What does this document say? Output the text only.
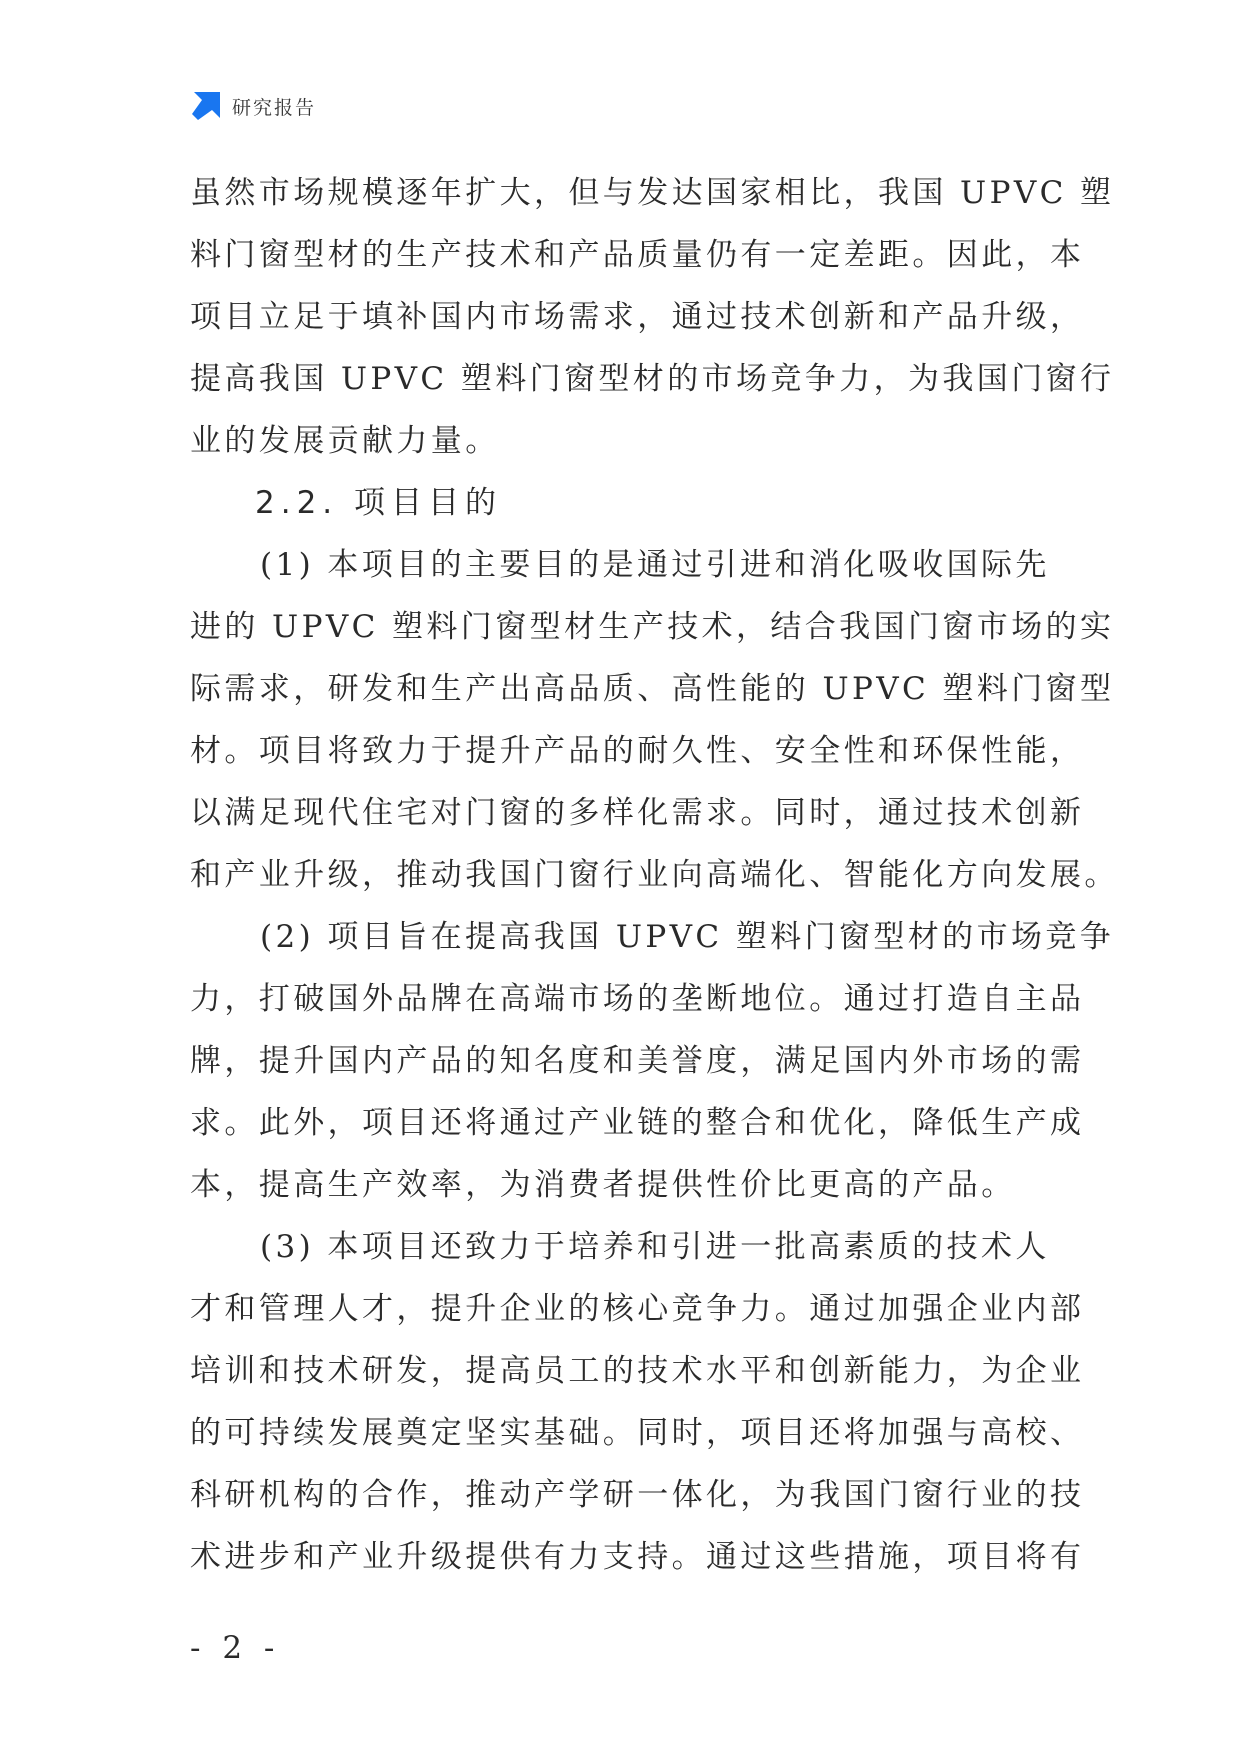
研究报告
虽然市场规模逐年扩大，但与发达国家相比，我国 UPVC 塑
料门窗型材的生产技术和产品质量仍有一定差距。因此，本
项目立足于填补国内市场需求，通过技术创新和产品升级，
提高我国 UPVC 塑料门窗型材的市场竞争力，为我国门窗行
业的发展贡献力量。
2.2. 项目目的
(1) 本项目的主要目的是通过引进和消化吸收国际先
进的 UPVC 塑料门窗型材生产技术，结合我国门窗市场的实
际需求，研发和生产出高品质、高性能的 UPVC 塑料门窗型
材。项目将致力于提升产品的耐久性、安全性和环保性能，
以满足现代住宅对门窗的多样化需求。同时，通过技术创新
和产业升级，推动我国门窗行业向高端化、智能化方向发展。
(2) 项目旨在提高我国 UPVC 塑料门窗型材的市场竞争
力，打破国外品牌在高端市场的垄断地位。通过打造自主品
牌，提升国内产品的知名度和美誉度，满足国内外市场的需
求。此外，项目还将通过产业链的整合和优化，降低生产成
本，提高生产效率，为消费者提供性价比更高的产品。
(3) 本项目还致力于培养和引进一批高素质的技术人
才和管理人才，提升企业的核心竞争力。通过加强企业内部
培训和技术研发，提高员工的技术水平和创新能力，为企业
的可持续发展奠定坚实基础。同时，项目还将加强与高校、
科研机构的合作，推动产学研一体化，为我国门窗行业的技
术进步和产业升级提供有力支持。通过这些措施，项目将有
- 2 -
